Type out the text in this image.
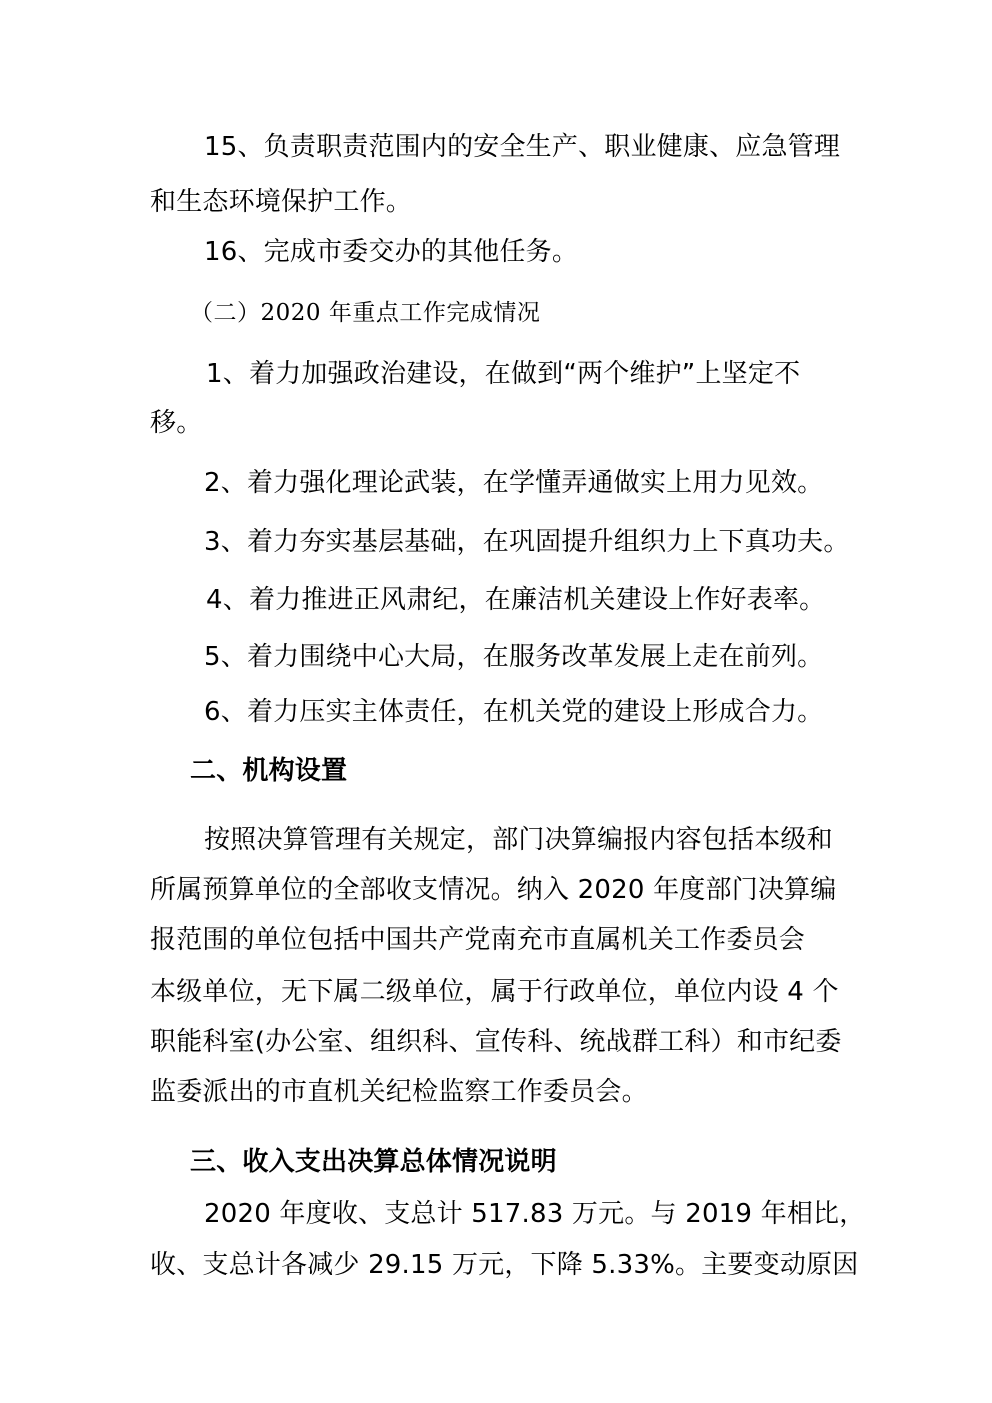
15、负责职责范围内的安全生产、职业健康、应急管理

和生态环境保护工作。

16、完成市委交办的其他任务。

（二）2020 年重点工作完成情况

1、着力加强政治建设，在做到“两个维护”上坚定不

移。

2、着力强化理论武装，在学懂弄通做实上用力见效。

3、着力夯实基层基础，在巩固提升组织力上下真功夫。

4、着力推进正风肃纪，在廉洁机关建设上作好表率。

5、着力围绕中心大局，在服务改革发展上走在前列。

6、着力压实主体责任，在机关党的建设上形成合力。

二、机构设置

按照决算管理有关规定，部门决算编报内容包括本级和

所属预算单位的全部收支情况。纳入 2020 年度部门决算编

报范围的单位包括中国共产党南充市直属机关工作委员会

本级单位，无下属二级单位，属于行政单位，单位内设 4 个

职能科室(办公室、组织科、宣传科、统战群工科）和市纪委

监委派出的市直机关纪检监察工作委员会。

三、收入支出决算总体情况说明

2020 年度收、支总计 517.83 万元。与 2019 年相比，

收、支总计各减少 29.15 万元，下降 5.33%。主要变动原因
